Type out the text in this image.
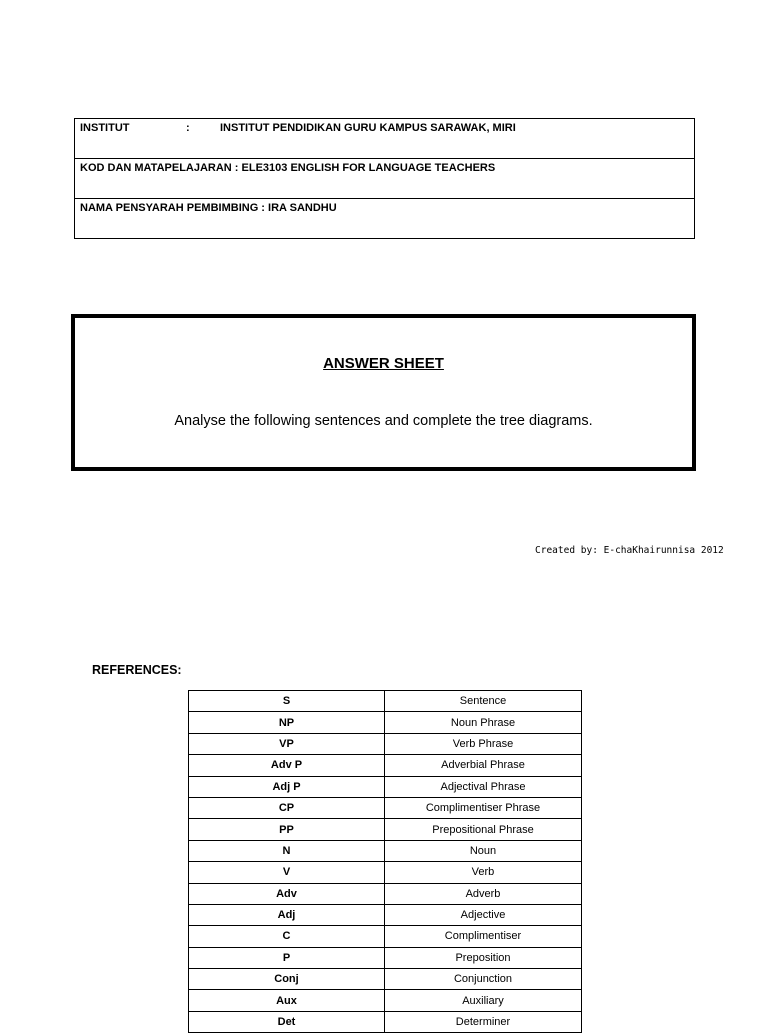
INSTITUT	:	INSTITUT PENDIDIKAN GURU KAMPUS SARAWAK, MIRI
KOD DAN MATAPELAJARAN : ELE3103 ENGLISH FOR LANGUAGE TEACHERS
NAMA PENSYARAH PEMBIMBING : IRA SANDHU
ANSWER SHEET
Analyse the following sentences and complete the tree diagrams.
Created by: E-chaKhairunnisa 2012
REFERENCES:
S	Sentence
NP	Noun Phrase
VP	Verb Phrase
Adv P	Adverbial Phrase
Adj P	Adjectival Phrase
CP	Complimentiser Phrase
PP	Prepositional Phrase
N	Noun
V	Verb
Adv	Adverb
Adj	Adjective
C	Complimentiser
P	Preposition
Conj	Conjunction
Aux	Auxiliary
Det	Determiner
